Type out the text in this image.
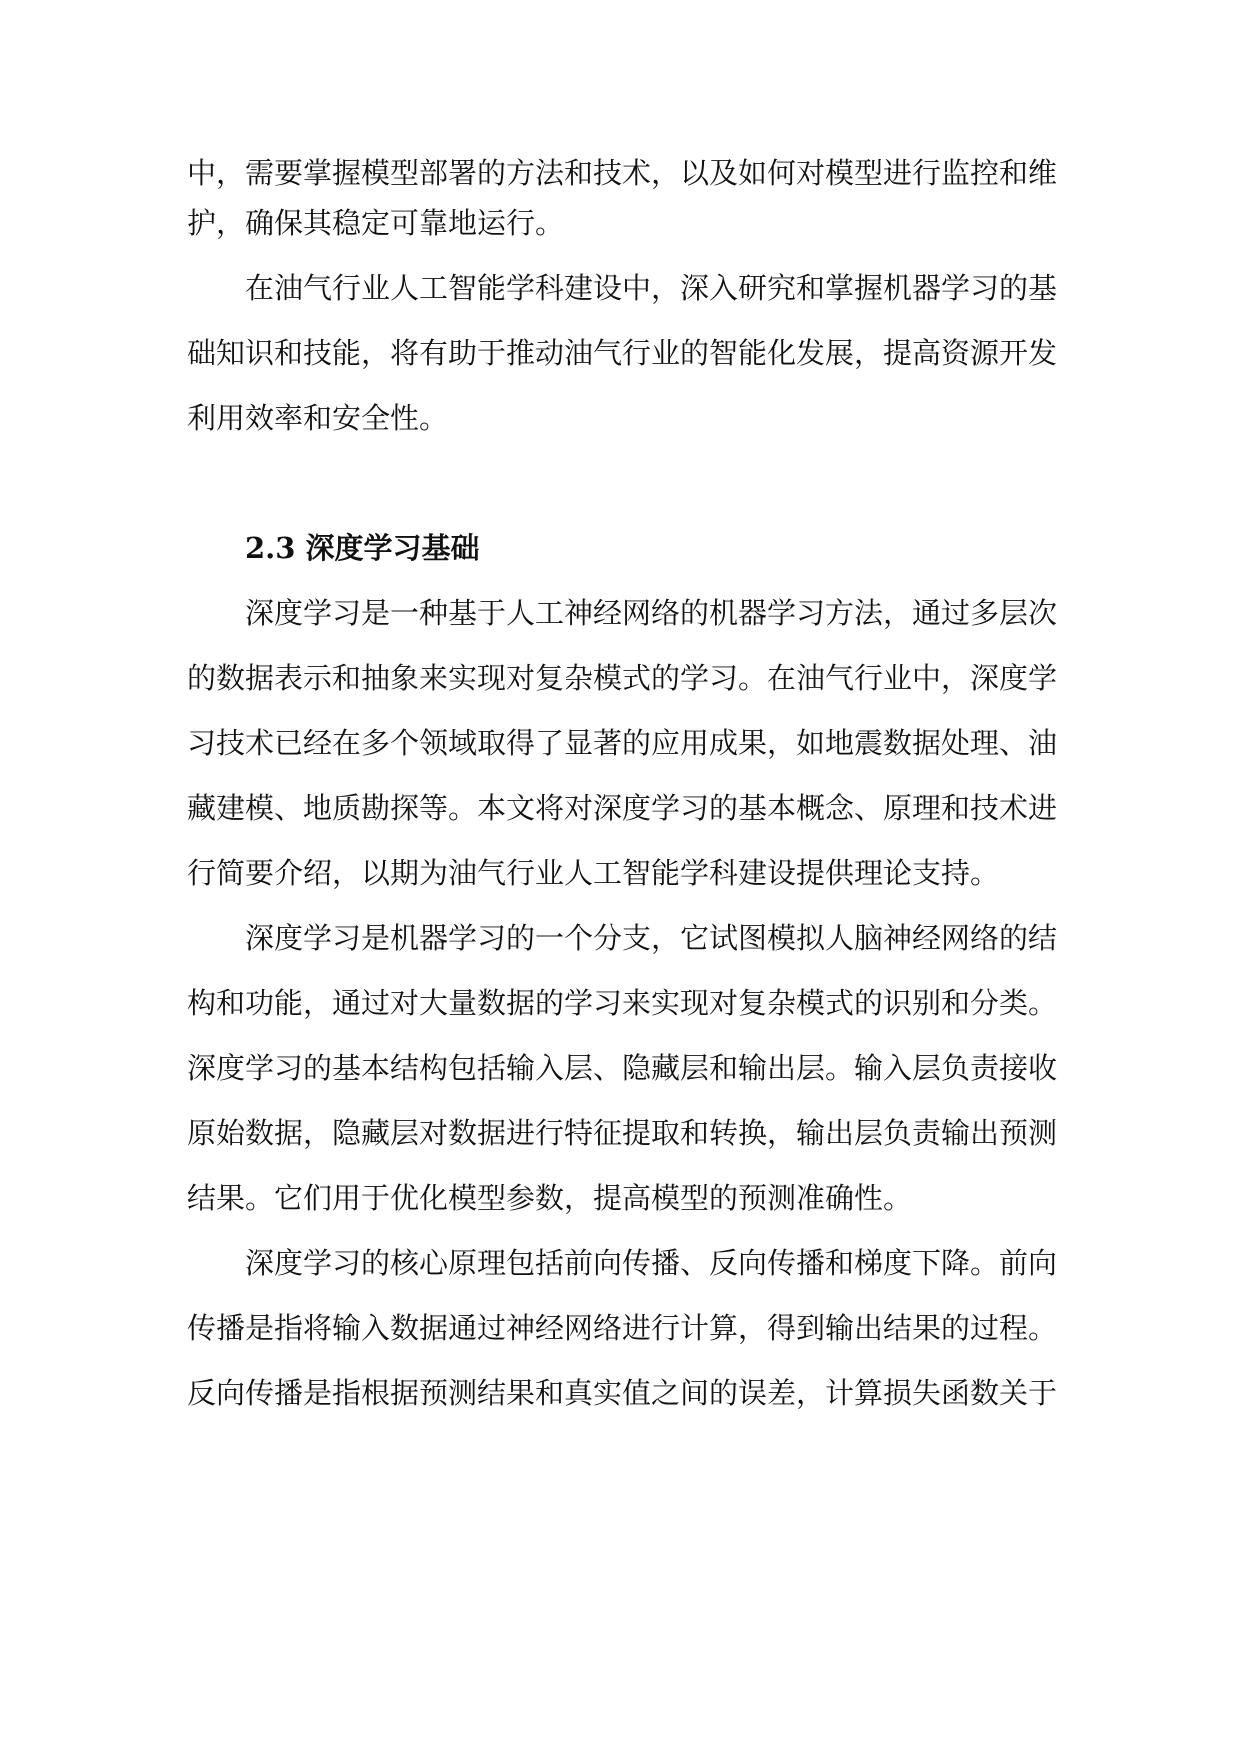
中，需要掌握模型部署的方法和技术，以及如何对模型进行监控和维
护，确保其稳定可靠地运行。
在油气行业人工智能学科建设中，深入研究和掌握机器学习的基
础知识和技能，将有助于推动油气行业的智能化发展，提高资源开发
利用效率和安全性。
2.3 深度学习基础
深度学习是一种基于人工神经网络的机器学习方法，通过多层次
的数据表示和抽象来实现对复杂模式的学习。在油气行业中，深度学
习技术已经在多个领域取得了显著的应用成果，如地震数据处理、油
藏建模、地质勘探等。本文将对深度学习的基本概念、原理和技术进
行简要介绍，以期为油气行业人工智能学科建设提供理论支持。
深度学习是机器学习的一个分支，它试图模拟人脑神经网络的结
构和功能，通过对大量数据的学习来实现对复杂模式的识别和分类。
深度学习的基本结构包括输入层、隐藏层和输出层。输入层负责接收
原始数据，隐藏层对数据进行特征提取和转换，输出层负责输出预测
结果。它们用于优化模型参数，提高模型的预测准确性。
深度学习的核心原理包括前向传播、反向传播和梯度下降。前向
传播是指将输入数据通过神经网络进行计算，得到输出结果的过程。
反向传播是指根据预测结果和真实值之间的误差，计算损失函数关于
